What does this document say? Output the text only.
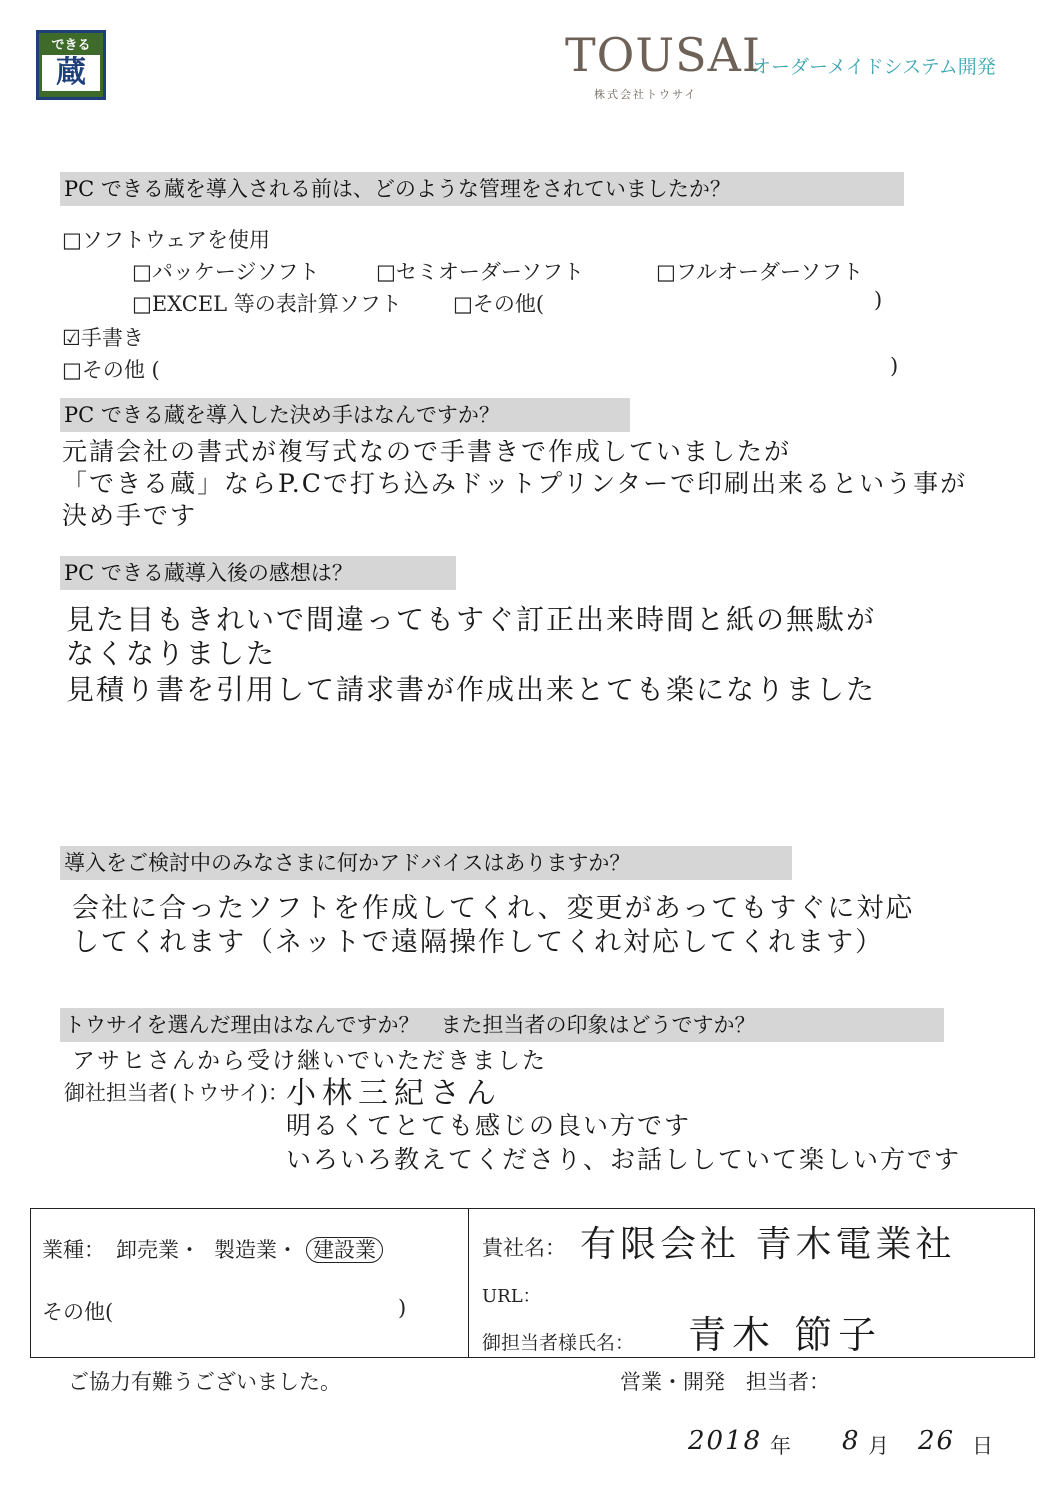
できる
蔵	TOUSAI
オーダーメイドシステム開発
株式会社トウサイ
PC できる蔵を導入される前は、どのような管理をされていましたか？
□ソフトウェアを使用
□パッケージソフト	□セミオーダーソフト	□フルオーダーソフト
□EXCEL 等の表計算ソフト □その他(	)
☑手書き
□その他 (	)
PC できる蔵を導入した決め手はなんですか？
元請会社の書式が複写式なので手書きで作成していましたが
「できる蔵」ならP.Cで打ち込みドットプリンターで印刷出来るという事が
決め手です
PC できる蔵導入後の感想は？
見た目もきれいで間違ってもすぐ訂正出来時間と紙の無駄が
なくなりました
見積り書を引用して請求書が作成出来とても楽になりました
導入をご検討中のみなさまに何かアドバイスはありますか？
会社に合ったソフトを作成してくれ、変更があってもすぐに対応
してくれます（ネットで遠隔操作してくれ対応してくれます）
トウサイを選んだ理由はなんですか？　また担当者の印象はどうですか？
アサヒさんから受け継いでいただきました
御社担当者(トウサイ)：
小林三紀さん
明るくてとても感じの良い方です
いろいろ教えてくださり、お話ししていて楽しい方です
業種： 卸売業・ 製造業・ 建設業
その他(	)
貴社名： 有限会社 青木電業社
URL：
御担当者様氏名： 青木 節子
ご協力有難うございました。	営業・開発　担当者：
2018 年 8 月 26 日
